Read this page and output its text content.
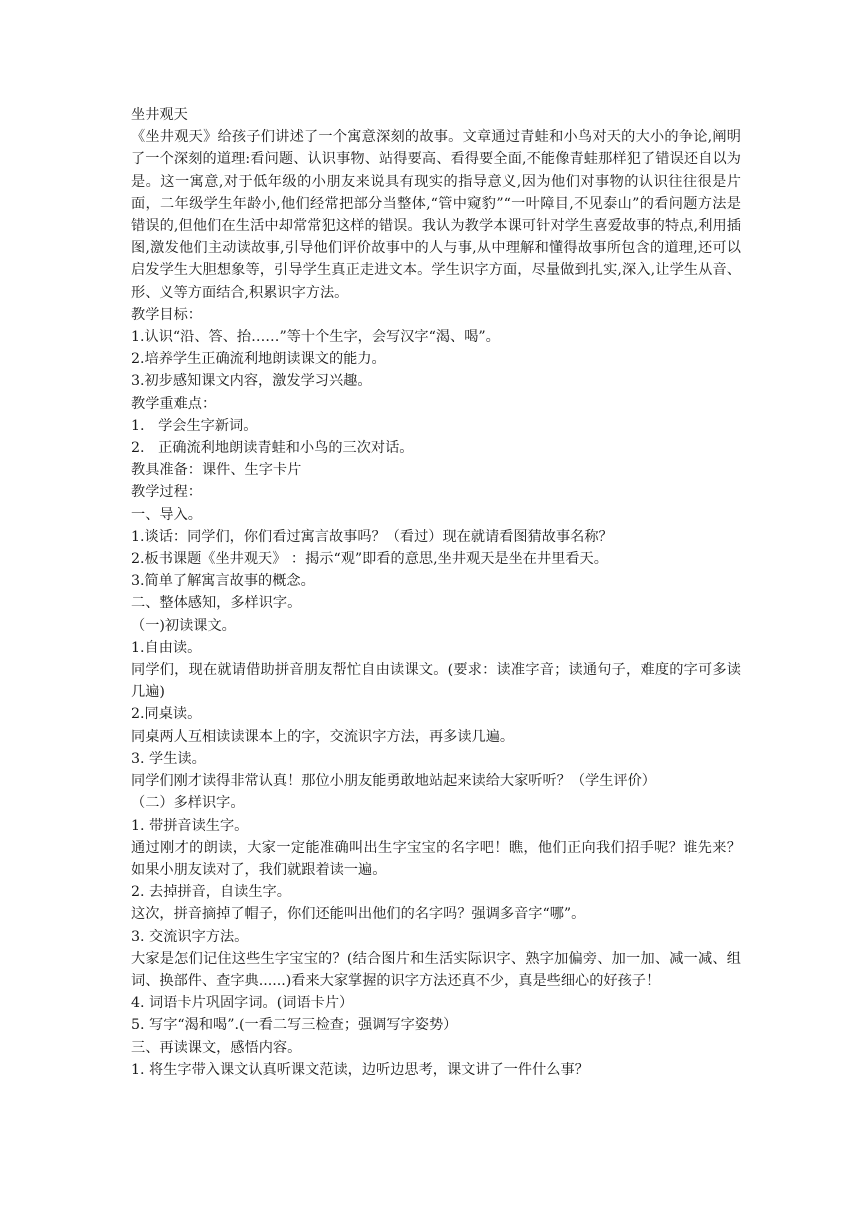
坐井观天

《坐井观天》给孩子们讲述了一个寓意深刻的故事。文章通过青蛙和小鸟对天的大小的争论,阐明了一个深刻的道理:看问题、认识事物、站得要高、看得要全面,不能像青蛙那样犯了错误还自以为是。这一寓意,对于低年级的小朋友来说具有现实的指导意义,因为他们对事物的认识往往很是片面，二年级学生年龄小,他们经常把部分当整体,“管中窥豹”“一叶障目,不见泰山”的看问题方法是错误的,但他们在生活中却常常犯这样的错误。我认为教学本课可针对学生喜爱故事的特点,利用插图,激发他们主动读故事,引导他们评价故事中的人与事,从中理解和懂得故事所包含的道理,还可以启发学生大胆想象等，引导学生真正走进文本。学生识字方面，尽量做到扎实,深入,让学生从音、形、义等方面结合,积累识字方法。

教学目标：

1.认识“沿、答、抬……”等十个生字，会写汉字“渴、喝”。

2.培养学生正确流利地朗读课文的能力。

3.初步感知课文内容，激发学习兴趣。

教学重难点：

1.   学会生字新词。

2.   正确流利地朗读青蛙和小鸟的三次对话。

教具准备：课件、生字卡片

教学过程：

一、导入。

1.谈话：同学们，你们看过寓言故事吗？（看过）现在就请看图猜故事名称？

2.板书课题《坐井观天》 ：揭示“观”即看的意思,坐井观天是坐在井里看天。

3.简单了解寓言故事的概念。

二、整体感知，多样识字。

（一)初读课文。

1.自由读。

同学们，现在就请借助拼音朋友帮忙自由读课文。(要求：读准字音；读通句子，难度的字可多读几遍)

2.同桌读。

同桌两人互相读读课本上的字，交流识字方法，再多读几遍。

3. 学生读。

同学们刚才读得非常认真！那位小朋友能勇敢地站起来读给大家听听？（学生评价）

（二）多样识字。

1. 带拼音读生字。

通过刚才的朗读，大家一定能准确叫出生字宝宝的名字吧！瞧，他们正向我们招手呢？谁先来？如果小朋友读对了，我们就跟着读一遍。

2. 去掉拼音，自读生字。

这次，拼音摘掉了帽子，你们还能叫出他们的名字吗？强调多音字“哪”。

3. 交流识字方法。

大家是怎们记住这些生字宝宝的？(结合图片和生活实际识字、熟字加偏旁、加一加、减一减、组词、换部件、查字典......)看来大家掌握的识字方法还真不少，真是些细心的好孩子！

4. 词语卡片巩固字词。(词语卡片）

5. 写字“渴和喝”.(一看二写三检查；强调写字姿势）

三、再读课文，感悟内容。

1. 将生字带入课文认真听课文范读，边听边思考，课文讲了一件什么事？
